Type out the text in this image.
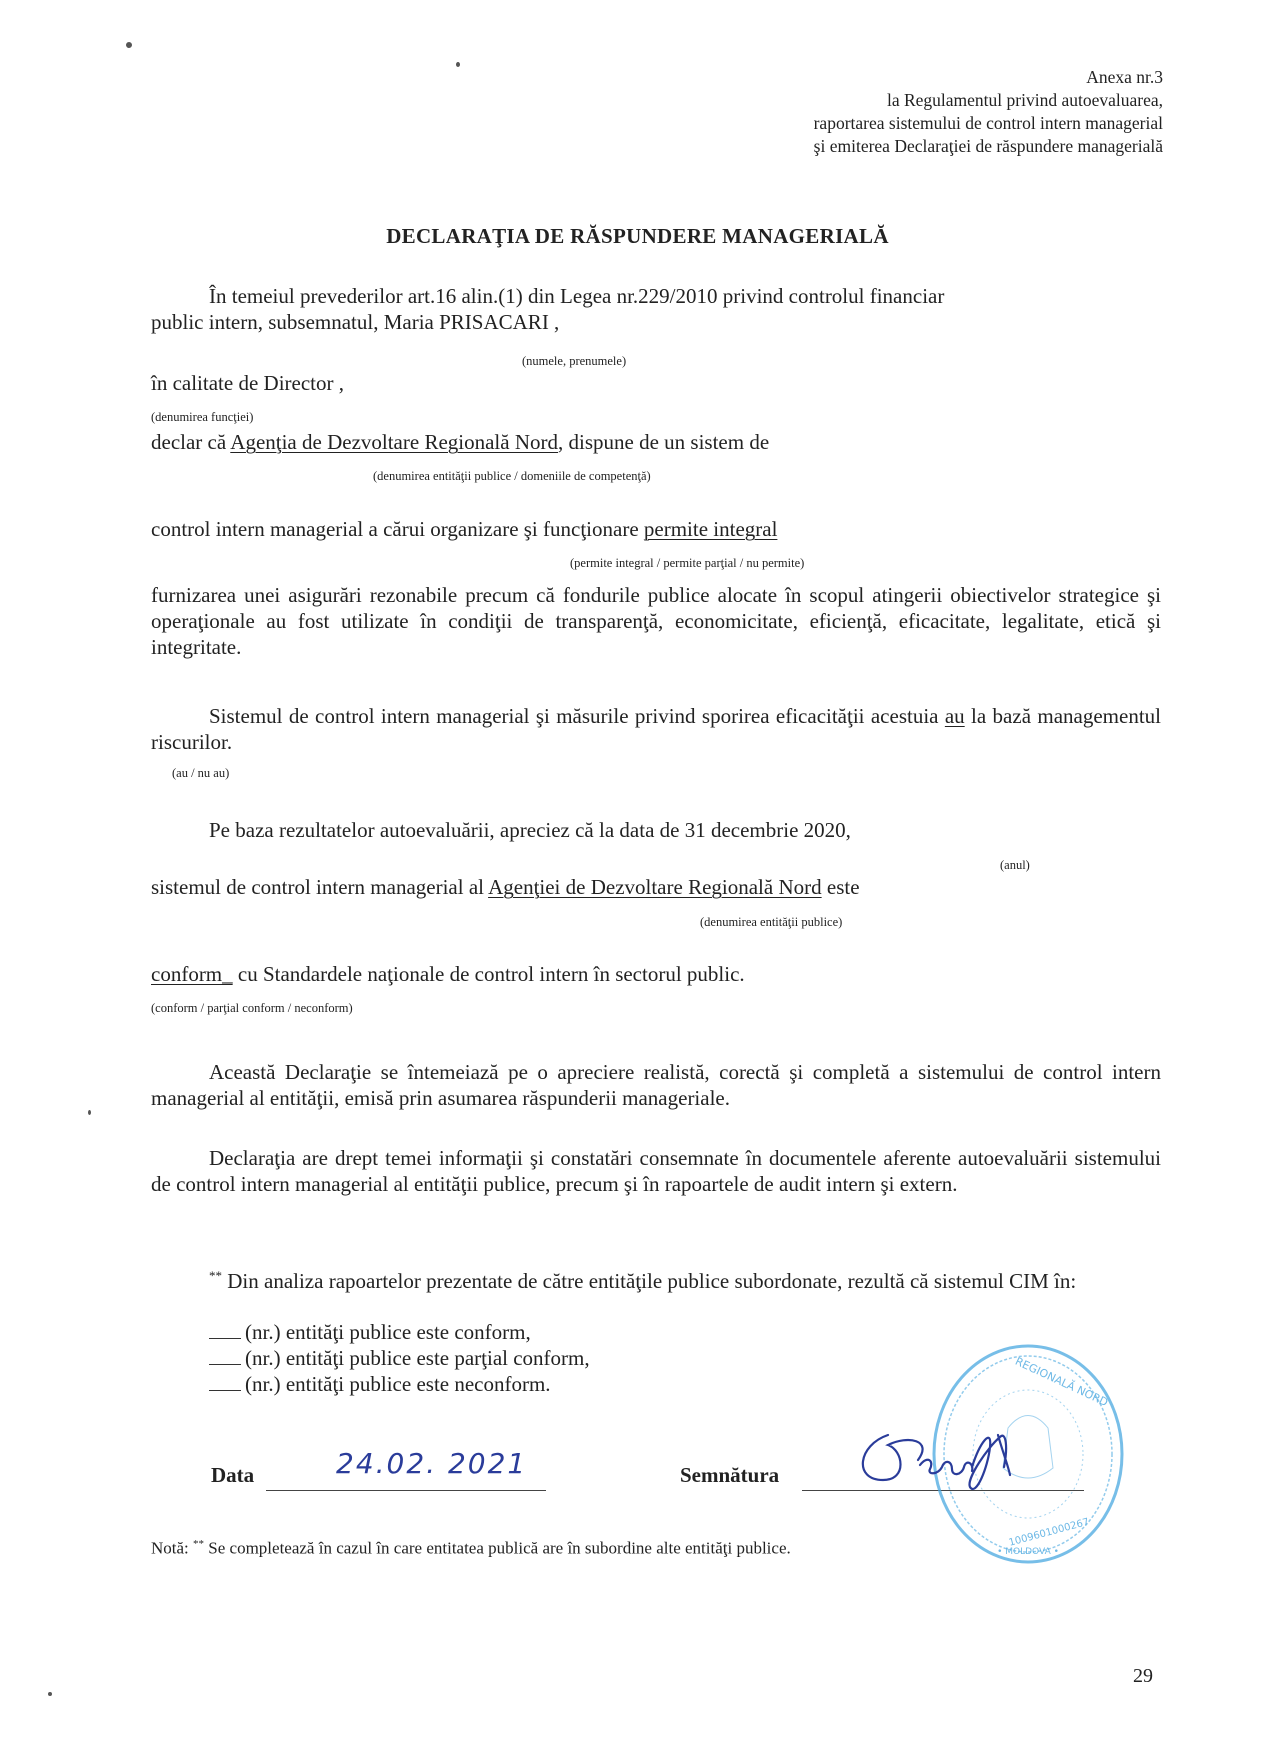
Anexa nr.3
la Regulamentul privind autoevaluarea,
raportarea sistemului de control intern managerial
şi emiterea Declaraţiei de răspundere managerială
DECLARAŢIA DE RĂSPUNDERE MANAGERIALĂ
În temeiul prevederilor art.16 alin.(1) din Legea nr.229/2010 privind controlul financiar
public intern, subsemnatul, Maria PRISACARI ,
(numele, prenumele)
în calitate de Director ,
(denumirea funcţiei)
declar că Agenţia de Dezvoltare Regională Nord, dispune de un sistem de
(denumirea entităţii publice / domeniile de competenţă)
control intern managerial a cărui organizare şi funcţionare permite integral
(permite integral / permite parţial / nu permite)
furnizarea unei asigurări rezonabile precum că fondurile publice alocate în scopul atingerii obiectivelor strategice şi operaţionale au fost utilizate în condiţii de transparenţă, economicitate, eficienţă, eficacitate, legalitate, etică şi integritate.
Sistemul de control intern managerial şi măsurile privind sporirea eficacităţii acestuia au la bază managementul riscurilor.
(au / nu au)
Pe baza rezultatelor autoevaluării, apreciez că la data de 31 decembrie 2020,
(anul)
sistemul de control intern managerial al Agenţiei de Dezvoltare Regională Nord este
(denumirea entităţii publice)
conform_ cu Standardele naţionale de control intern în sectorul public.
(conform / parţial conform / neconform)
Această Declaraţie se întemeiază pe o apreciere realistă, corectă şi completă a sistemului de control intern managerial al entităţii, emisă prin asumarea răspunderii manageriale.
Declaraţia are drept temei informaţii şi constatări consemnate în documentele aferente autoevaluării sistemului de control intern managerial al entităţii publice, precum şi în rapoartele de audit intern şi extern.
** Din analiza rapoartelor prezentate de către entităţile publice subordonate, rezultă că sistemul CIM în:
(nr.) entităţi publice este conform,
(nr.) entităţi publice este parţial conform,
(nr.) entităţi publice este neconform.
Data	24.02. 2021	Semnătura
REGIONALĂ NORD
1009601000267
• MOLDOVA •
Notă: ** Se completează în cazul în care entitatea publică are în subordine alte entităţi publice.
29
